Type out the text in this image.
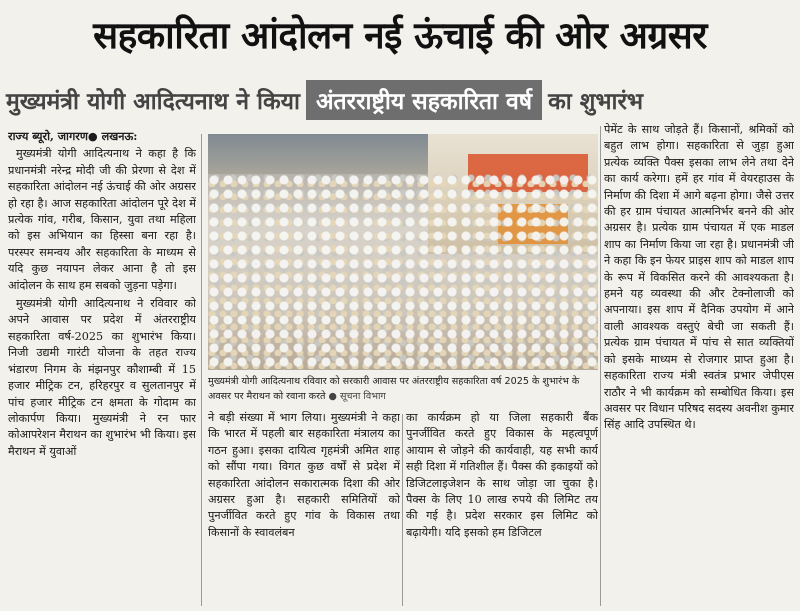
सहकारिता आंदोलन नई ऊंचाई की ओर अग्रसर
मुख्यमंत्री योगी आदित्यनाथ ने किया अंतरराष्ट्रीय सहकारिता वर्ष का शुभारंभ

राज्य ब्यूरो, जागरण● लखनऊ:

मुख्यमंत्री योगी आदित्यनाथ ने कहा है कि प्रधानमंत्री नरेन्द्र मोदी जी की प्रेरणा से देश में सहकारिता आंदोलन नई ऊंचाई की ओर अग्रसर हो रहा है। आज सहकारिता आंदोलन पूरे देश में प्रत्येक गांव, गरीब, किसान, युवा तथा महिला को इस अभियान का हिस्सा बना रहा है। परस्पर समन्वय और सहकारिता के माध्यम से यदि कुछ नयापन लेकर आना है तो इस आंदोलन के साथ हम सबको जुड़ना पड़ेगा।

मुख्यमंत्री योगी आदित्यनाथ ने रविवार को अपने आवास पर प्रदेश में अंतरराष्ट्रीय सहकारिता वर्ष-2025 का शुभारंभ किया। निजी उद्यमी गारंटी योजना के तहत राज्य भंडारण निगम के मंझनपुर कौशाम्बी में 15 हजार मीट्रिक टन, हरिहरपुर व सुलतानपुर में पांच हजार मीट्रिक टन क्षमता के गोदाम का लोकार्पण किया। मुख्यमंत्री ने रन फार कोआपरेशन मैराथन का शुभारंभ भी किया। इस मैराथन में युवाओं

मुख्यमंत्री योगी आदित्यनाथ रविवार को सरकारी आवास पर अंतरराष्ट्रीय सहकारिता वर्ष 2025 के शुभारंभ के अवसर पर मैराथन को रवाना करते ● सूचना विभाग

ने बड़ी संख्या में भाग लिया। मुख्यमंत्री ने कहा कि भारत में पहली बार सहकारिता मंत्रालय का गठन हुआ। इसका दायित्व गृहमंत्री अमित शाह को सौंपा गया। विगत कुछ वर्षों से प्रदेश में सहकारिता आंदोलन सकारात्मक दिशा की ओर अग्रसर हुआ है। सहकारी समितियों को पुनर्जीवित करते हुए गांव के विकास तथा किसानों के स्वावलंबन

का कार्यक्रम हो या जिला सहकारी बैंक पुनर्जीवित करते हुए विकास के महत्वपूर्ण आयाम से जोड़ने की कार्यवाही, यह सभी कार्य सही दिशा में गतिशील हैं। पैक्स की इकाइयों को डिजिटलाइजेशन के साथ जोड़ा जा चुका है। पैक्स के लिए 10 लाख रुपये की लिमिट तय की गई है। प्रदेश सरकार इस लिमिट को बढ़ायेगी। यदि इसको हम डिजिटल

पेमेंट के साथ जोड़ते हैं। किसानों, श्रमिकों को बहुत लाभ होगा। सहकारिता से जुड़ा हुआ प्रत्येक व्यक्ति पैक्स इसका लाभ लेने तथा देने का कार्य करेगा। हमें हर गांव में वेयरहाउस के निर्माण की दिशा में आगे बढ़ना होगा। जैसे उत्तर की हर ग्राम पंचायत आत्मनिर्भर बनने की ओर अग्रसर है। प्रत्येक ग्राम पंचायत में एक माडल शाप का निर्माण किया जा रहा है। प्रधानमंत्री जी ने कहा कि इन फेयर प्राइस शाप को माडल शाप के रूप में विकसित करने की आवश्यकता है। हमने यह व्यवस्था की और टेक्नोलाजी को अपनाया। इस शाप में दैनिक उपयोग में आने वाली आवश्यक वस्तुएं बेची जा सकती हैं। प्रत्येक ग्राम पंचायत में पांच से सात व्यक्तियों को इसके माध्यम से रोजगार प्राप्त हुआ है। सहकारिता राज्य मंत्री स्वतंत्र प्रभार जेपीएस राठौर ने भी कार्यक्रम को सम्बोधित किया। इस अवसर पर विधान परिषद सदस्य अवनीश कुमार सिंह आदि उपस्थित थे।
